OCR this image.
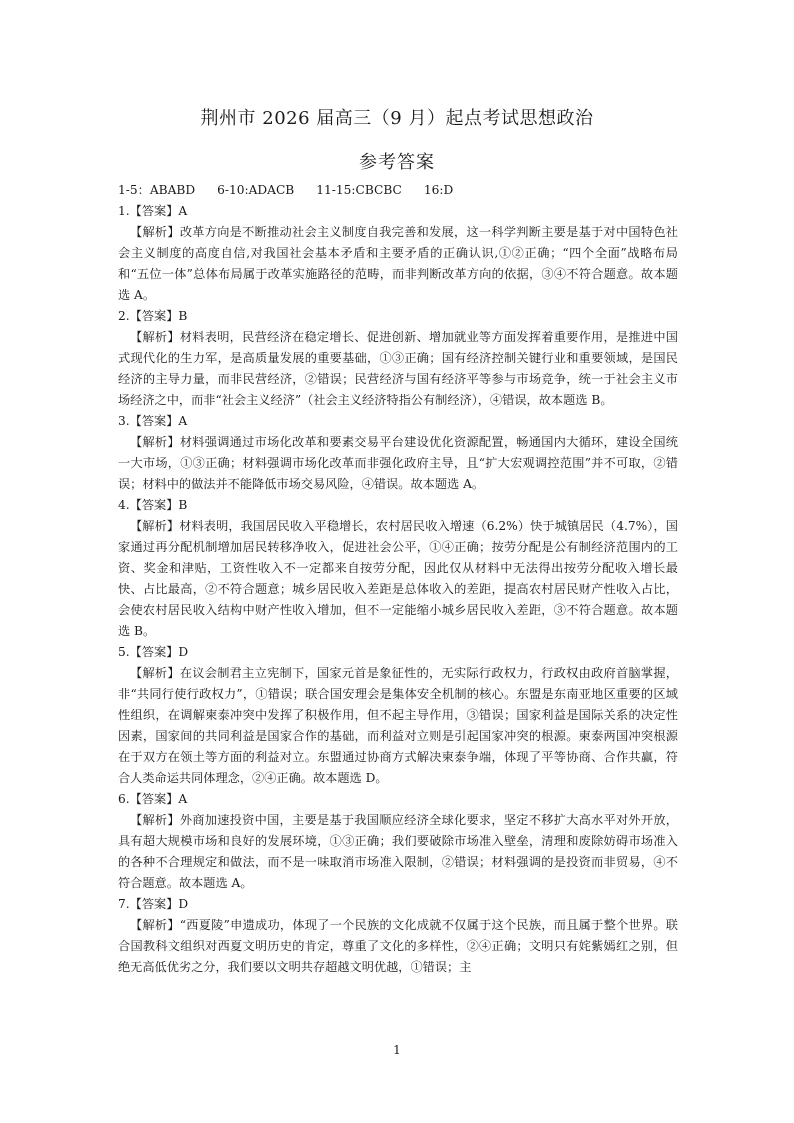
荆州市 2026 届高三（9 月）起点考试思想政治
参考答案
1-5：ABABD 6-10:ADACB 11-15:CBCBC 16:D
1.【答案】A
【解析】改革方向是不断推动社会主义制度自我完善和发展，这一科学判断主要是基于对中国特色社会主义制度的高度自信,对我国社会基本矛盾和主要矛盾的正确认识,①②正确；“四个全面”战略布局和“五位一体”总体布局属于改革实施路径的范畴，而非判断改革方向的依据，③④不符合题意。故本题选 A。
2.【答案】B
【解析】材料表明，民营经济在稳定增长、促进创新、增加就业等方面发挥着重要作用，是推进中国式现代化的生力军，是高质量发展的重要基础，①③正确；国有经济控制关键行业和重要领域，是国民经济的主导力量，而非民营经济，②错误；民营经济与国有经济平等参与市场竞争，统一于社会主义市场经济之中，而非“社会主义经济”（社会主义经济特指公有制经济），④错误，故本题选 B。
3.【答案】A
【解析】材料强调通过市场化改革和要素交易平台建设优化资源配置，畅通国内大循环，建设全国统一大市场，①③正确；材料强调市场化改革而非强化政府主导，且“扩大宏观调控范围”并不可取，②错误；材料中的做法并不能降低市场交易风险，④错误。故本题选 A。
4.【答案】B
【解析】材料表明，我国居民收入平稳增长，农村居民收入增速（6.2%）快于城镇居民（4.7%），国家通过再分配机制增加居民转移净收入，促进社会公平，①④正确；按劳分配是公有制经济范围内的工资、奖金和津贴，工资性收入不一定都来自按劳分配，因此仅从材料中无法得出按劳分配收入增长最快、占比最高，②不符合题意；城乡居民收入差距是总体收入的差距，提高农村居民财产性收入占比，会使农村居民收入结构中财产性收入增加，但不一定能缩小城乡居民收入差距，③不符合题意。故本题选 B。
5.【答案】D
【解析】在议会制君主立宪制下，国家元首是象征性的，无实际行政权力，行政权由政府首脑掌握，非“共同行使行政权力”，①错误；联合国安理会是集体安全机制的核心。东盟是东南亚地区重要的区域性组织，在调解柬泰冲突中发挥了积极作用，但不起主导作用，③错误；国家利益是国际关系的决定性因素，国家间的共同利益是国家合作的基础，而利益对立则是引起国家冲突的根源。柬泰两国冲突根源在于双方在领土等方面的利益对立。东盟通过协商方式解决柬泰争端，体现了平等协商、合作共赢，符合人类命运共同体理念，②④正确。故本题选 D。
6.【答案】A
【解析】外商加速投资中国，主要是基于我国顺应经济全球化要求，坚定不移扩大高水平对外开放，具有超大规模市场和良好的发展环境，①③正确；我们要破除市场准入壁垒，清理和废除妨碍市场准入的各种不合理规定和做法，而不是一味取消市场准入限制，②错误；材料强调的是投资而非贸易，④不符合题意。故本题选 A。
7.【答案】D
【解析】“西夏陵”申遗成功，体现了一个民族的文化成就不仅属于这个民族，而且属于整个世界。联合国教科文组织对西夏文明历史的肯定，尊重了文化的多样性，②④正确；文明只有姹紫嫣红之别，但绝无高低优劣之分，我们要以文明共存超越文明优越，①错误；主
1
